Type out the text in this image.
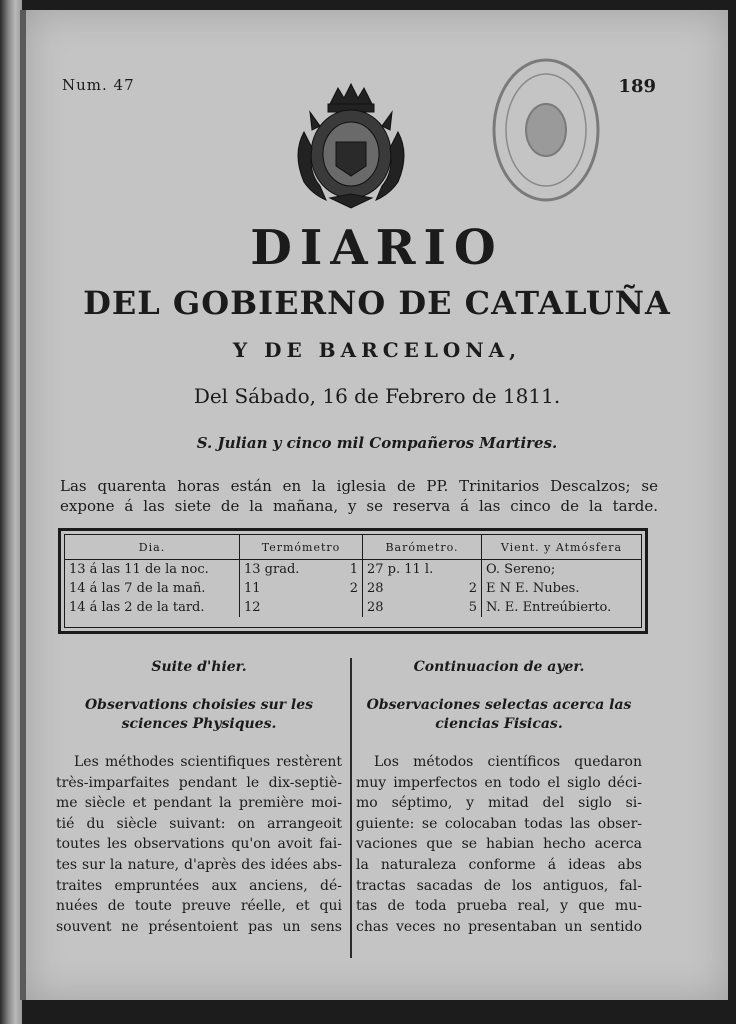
Num. 47	189
DIARIO
DEL GOBIERNO DE CATALUÑA
Y DE BARCELONA,
Del Sábado, 16 de Febrero de 1811.
S. Julian y cinco mil Compañeros Martires.
Las quarenta horas están en la iglesia de PP. Trinitarios Descalzos; se
expone á las siete de la mañana, y se reserva á las cinco de la tarde.
Dia.	Termómetro	Barómetro.	Vient. y Atmósfera
13 á las 11 de la noc.	13 grad. 1	27 p. 11 l.	O. Sereno;
14 á las 7 de la mañ.	11 2	28 2	E N E. Nubes.
14 á las 2 de la tard.	12	28 5	N. E. Entreúbierto.
Suite d'hier.
Observations choisies sur les sciences Physiques.
Les méthodes scientifiques restèrent
très-imparfaites pendant le dix-septiè-
me siècle et pendant la première moi-
tié du siècle suivant: on arrangeoit
toutes les observations qu'on avoit fai-
tes sur la nature, d'après des idées abs-
traites empruntées aux anciens, dé-
nuées de toute preuve réelle, et qui
souvent ne présentoient pas un sens
Continuacion de ayer.
Observaciones selectas acerca las ciencias Fisicas.
Los métodos científicos quedaron
muy imperfectos en todo el siglo déci-
mo séptimo, y mitad del siglo si-
guiente: se colocaban todas las obser-
vaciones que se habian hecho acerca
la naturaleza conforme á ideas abs
tractas sacadas de los antiguos, fal-
tas de toda prueba real, y que mu-
chas veces no presentaban un sentido
